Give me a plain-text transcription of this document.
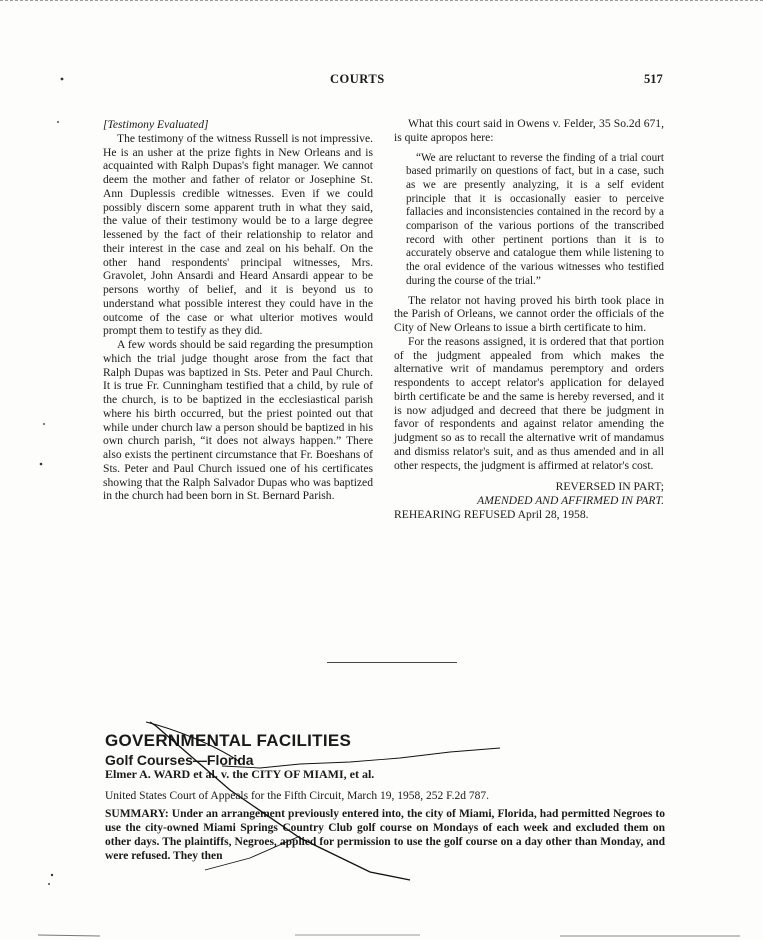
COURTS	517

[Testimony Evaluated]

The testimony of the witness Russell is not impressive. He is an usher at the prize fights in New Orleans and is acquainted with Ralph Dupas's fight manager. We cannot deem the mother and father of relator or Josephine St. Ann Duplessis credible witnesses. Even if we could possibly discern some apparent truth in what they said, the value of their testimony would be to a large degree lessened by the fact of their relationship to relator and their interest in the case and zeal on his behalf. On the other hand respondents' principal witnesses, Mrs. Gravolet, John Ansardi and Heard Ansardi appear to be persons worthy of belief, and it is beyond us to understand what possible interest they could have in the outcome of the case or what ulterior motives would prompt them to testify as they did.

A few words should be said regarding the presumption which the trial judge thought arose from the fact that Ralph Dupas was baptized in Sts. Peter and Paul Church. It is true Fr. Cunningham testified that a child, by rule of the church, is to be baptized in the ecclesiastical parish where his birth occurred, but the priest pointed out that while under church law a person should be baptized in his own church parish, “it does not always happen.” There also exists the pertinent circumstance that Fr. Boeshans of Sts. Peter and Paul Church issued one of his certificates showing that the Ralph Salvador Dupas who was baptized in the church had been born in St. Bernard Parish.

What this court said in Owens v. Felder, 35 So.2d 671, is quite apropos here:

“We are reluctant to reverse the finding of a trial court based primarily on questions of fact, but in a case, such as we are presently analyzing, it is a self evident principle that it is occasionally easier to perceive fallacies and inconsistencies contained in the record by a comparison of the various portions of the transcribed record with other pertinent portions than it is to accurately observe and catalogue them while listening to the oral evidence of the various witnesses who testified during the course of the trial.”

The relator not having proved his birth took place in the Parish of Orleans, we cannot order the officials of the City of New Orleans to issue a birth certificate to him.

For the reasons assigned, it is ordered that that portion of the judgment appealed from which makes the alternative writ of mandamus peremptory and orders respondents to accept relator's application for delayed birth certificate be and the same is hereby reversed, and it is now adjudged and decreed that there be judgment in favor of respondents and against relator amending the judgment so as to recall the alternative writ of mandamus and dismiss relator's suit, and as thus amended and in all other respects, the judgment is affirmed at relator's cost.

REVERSED IN PART;

AMENDED AND AFFIRMED IN PART.

REHEARING REFUSED April 28, 1958.

GOVERNMENTAL FACILITIES
Golf Courses—Florida
Elmer A. WARD et al. v. the CITY OF MIAMI, et al.
United States Court of Appeals for the Fifth Circuit, March 19, 1958, 252 F.2d 787.
SUMMARY: Under an arrangement previously entered into, the city of Miami, Florida, had permitted Negroes to use the city-owned Miami Springs Country Club golf course on Mondays of each week and excluded them on other days. The plaintiffs, Negroes, applied for permission to use the golf course on a day other than Monday, and were refused. They then
